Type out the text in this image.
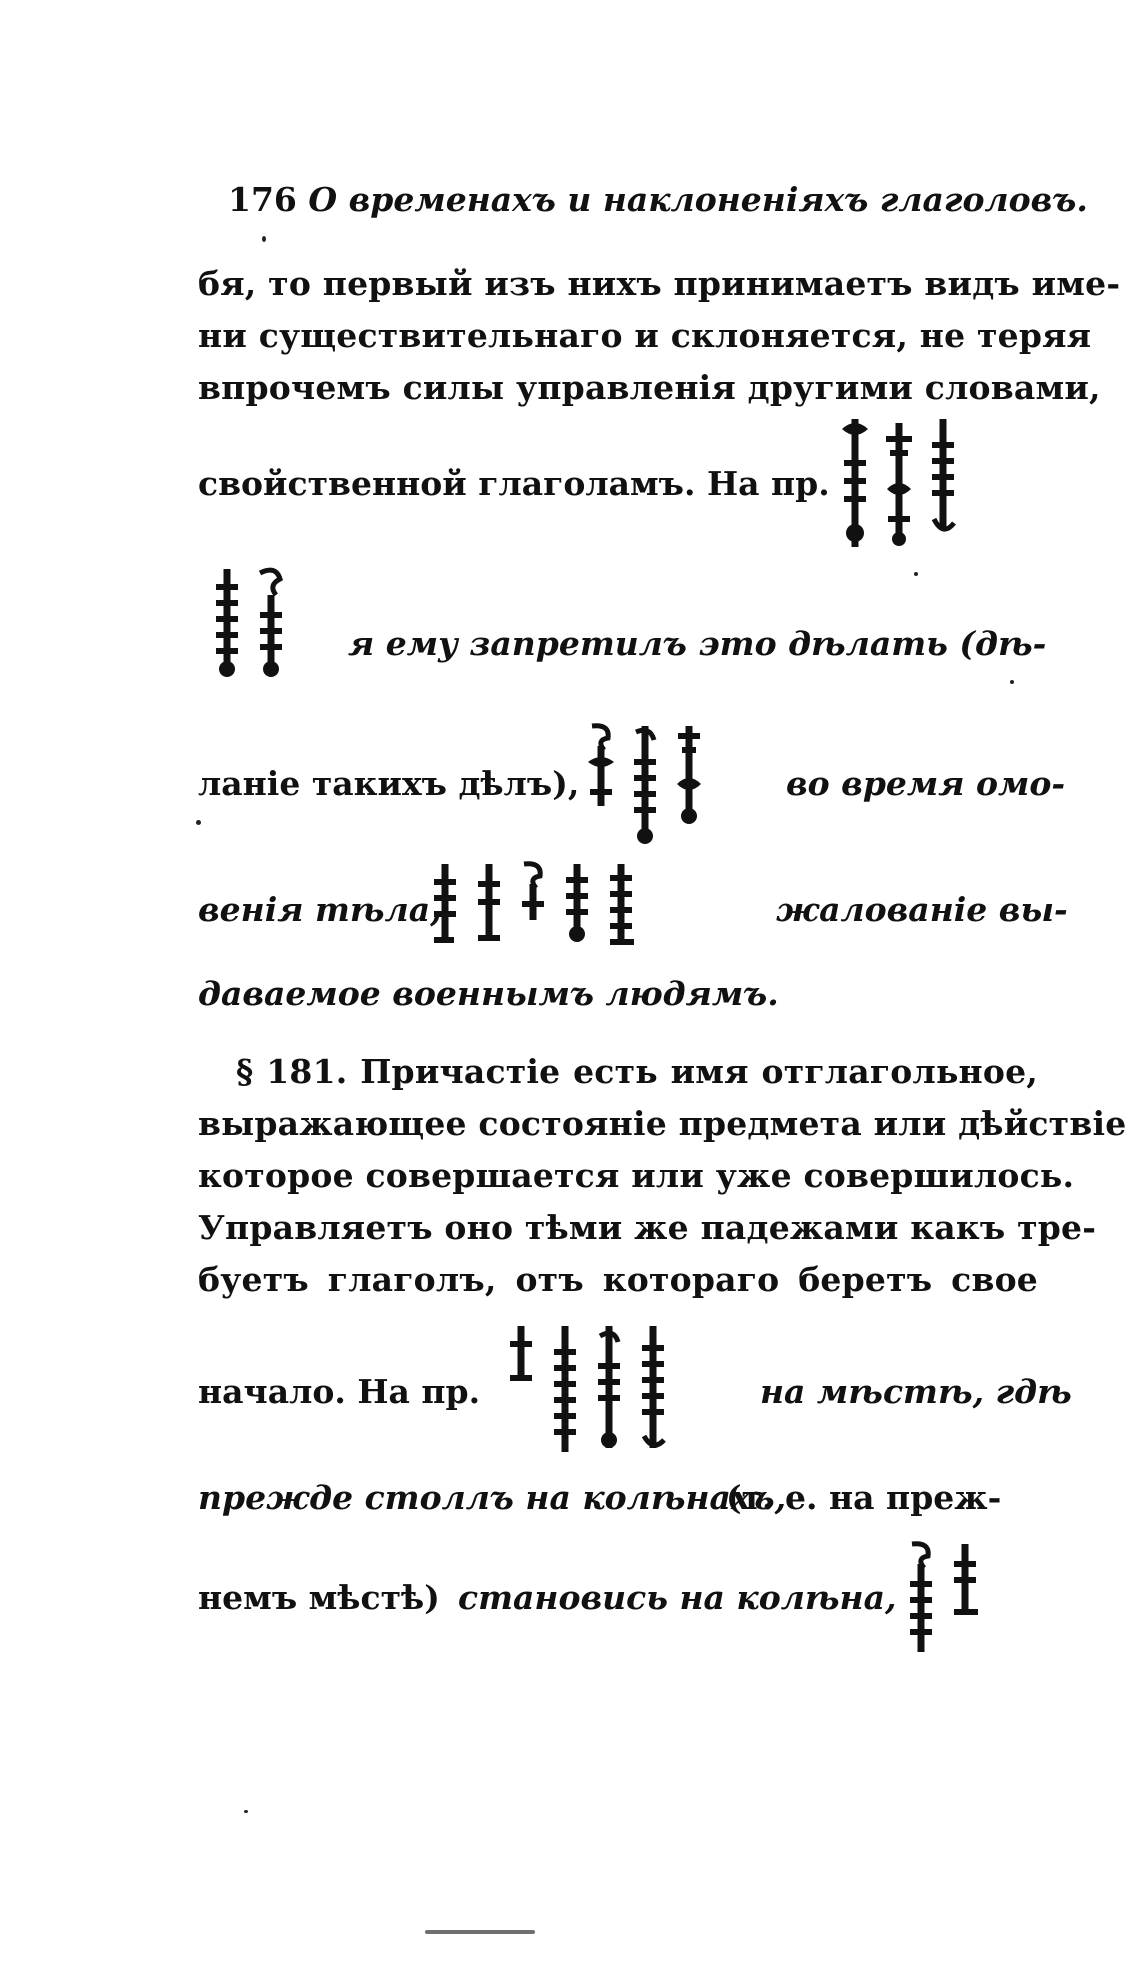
176 О временахъ и наклоненіяхъ глаголовъ.
бя, то первый изъ нихъ принимаетъ видъ име-
ни существительнаго и склоняется, не теряя
впрочемъ силы управленія другими словами,
свойственной глаголамъ. На пр.
я ему запретилъ это дѣлать (дѣ-
ланіе такихъ дѣлъ),	во время омо-
венія тѣла,	жалованіе вы-
даваемое военнымъ людямъ.
§ 181. Причастіе есть имя отглагольное,
выражающее состояніе предмета или дѣйствіе
которое совершается или уже совершилось.
Управляетъ оно тѣми же падежами какъ тре-
буетъ глаголъ, отъ котораго беретъ свое
начало. На пр.	на мѣстѣ, гдѣ
прежде столлъ на колѣнахъ,
(т. е. на преж-
немъ мѣстѣ) становись на колѣна,
